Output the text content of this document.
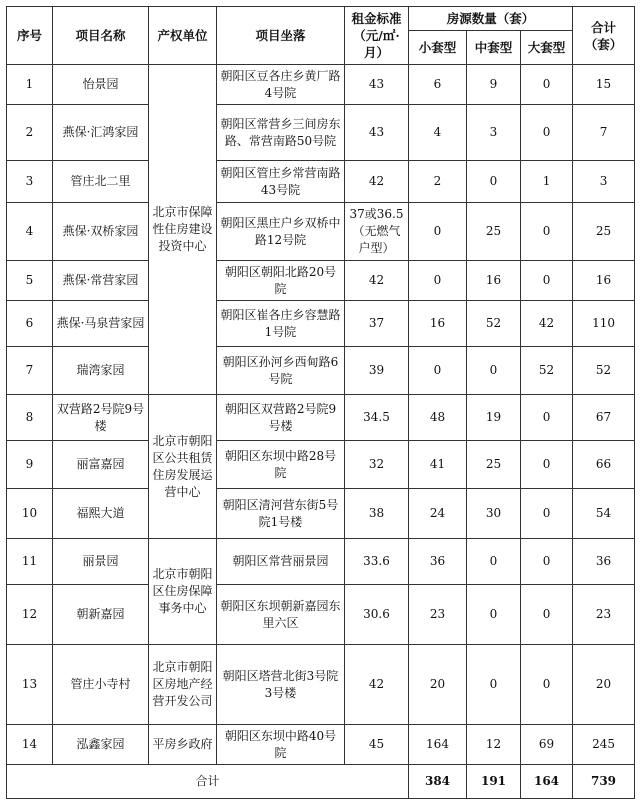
序号	项目名称	产权单位	项目坐落	租金标准（元/㎡·月）	房源数量（套）			合计（套）
					小套型	中套型	大套型	
1	怡景园	北京市保障性住房建设投资中心	朝阳区豆各庄乡黄厂路4号院	43	6	9	0	15
2	燕保·汇鸿家园		朝阳区常营乡三间房东路、常营南路50号院	43	4	3	0	7
3	管庄北二里		朝阳区管庄乡常营南路43号院	42	2	0	1	3
4	燕保·双桥家园		朝阳区黑庄户乡双桥中路12号院	37或36.5（无燃气户型）	0	25	0	25
5	燕保·常营家园		朝阳区朝阳北路20号院	42	0	16	0	16
6	燕保·马泉营家园		朝阳区崔各庄乡容慧路1号院	37	16	52	42	110
7	瑞湾家园		朝阳区孙河乡西甸路6号院	39	0	0	52	52
8	双营路2号院9号楼	北京市朝阳区公共租赁住房发展运营中心	朝阳区双营路2号院9号楼	34.5	48	19	0	67
9	丽富嘉园		朝阳区东坝中路28号院	32	41	25	0	66
10	福熙大道		朝阳区清河营东街5号院1号楼	38	24	30	0	54
11	丽景园	北京市朝阳区住房保障事务中心	朝阳区常营丽景园	33.6	36	0	0	36
12	朝新嘉园		朝阳区东坝朝新嘉园东里六区	30.6	23	0	0	23
13	管庄小寺村	北京市朝阳区房地产经营开发公司	朝阳区塔营北街3号院3号楼	42	20	0	0	20
14	泓鑫家园	平房乡政府	朝阳区东坝中路40号院	45	164	12	69	245
合计					384	191	164	739
